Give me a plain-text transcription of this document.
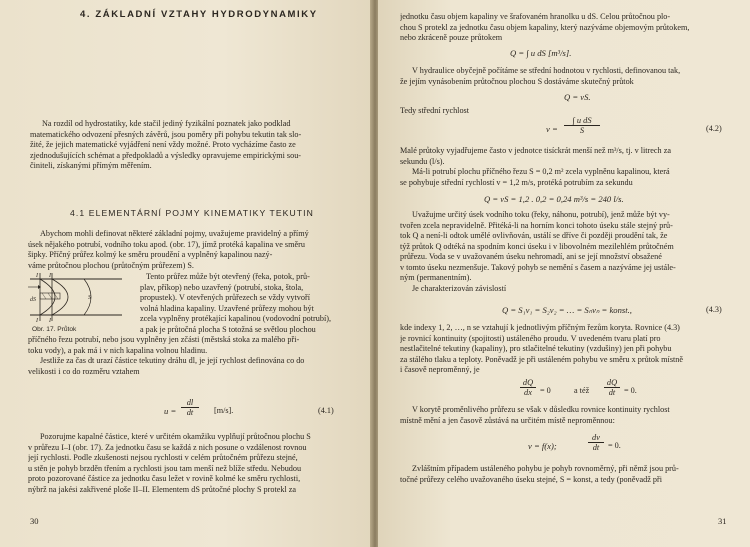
4. ZÁKLADNÍ VZTAHY HYDRODYNAMIKY
Na rozdíl od hydrostatiky, kde stačil jediný fyzikální poznatek jako podklad
matematického odvození přesných závěrů, jsou poměry při pohybu tekutin tak slo-
žité, že jejich matematické vyjádření není vždy možné. Proto vycházíme často ze
zjednodušujících schémat a předpokladů a výsledky opravujeme empirickými sou-
činiteli, získanými přímým měřením.
4.1 ELEMENTÁRNÍ POJMY KINEMATIKY TEKUTIN
Abychom mohli definovat některé základní pojmy, uvažujeme pravidelný a přímý
úsek nějakého potrubí, vodního toku apod. (obr. 17), jímž protéká kapalina ve směru
šipky. Příčný průřez kolmý ke směru proudění a vyplněný kapalinou nazý-
váme průtočnou plochou (průtočným průřezem) S.
I I
dS	S
I I
Obr. 17. Průtok
Tento průřez může být otevřený (řeka, potok, prů-
plav, příkop) nebo uzavřený (potrubí, stoka, štola,
propustek). V otevřených průřezech se vždy vytvoří
volná hladina kapaliny. Uzavřené průřezy mohou být
zcela vyplněny protékající kapalinou (vodovodní potrubí),
a pak je průtočná plocha S totožná se světlou plochou
příčného řezu potrubí, nebo jsou vyplněny jen zčásti (městská stoka za malého při-
toku vody), a pak má i v nich kapalina volnou hladinu.
Jestliže za čas dt urazí částice tekutiny dráhu dl, je její rychlost definována co do
velikosti i co do rozměru vztahem
$u = \frac{dl}{dt} [m/s]$.	(4.1)
Pozorujme kapalné částice, které v určitém okamžiku vyplňují průtočnou plochu S
v průřezu I–I (obr. 17). Za jednotku času se každá z nich posune o vzdálenost rovnou
její rychlosti. Podle zkušenosti nejsou rychlosti v celém průtočném průřezu stejné,
u stěn je pohyb brzděn třením a rychlosti jsou tam menší než blíže středu. Nebudou
proto pozorované částice za jednotku času ležet v rovině kolmé ke směru rychlosti,
nýbrž na jakési zakřivené ploše II–II. Elementem dS průtočné plochy S protekl za
30
jednotku času objem kapaliny ve šrafovaném hranolku u dS. Celou průtočnou plo-
chou S protekl za jednotku času objem kapaliny, který nazýváme objemovým průtokem,
nebo zkráceně pouze průtokem
Q = ∫ u dS [m³/s].
V hydraulice obyčejně počítáme se střední hodnotou v rychlosti, definovanou tak,
že jejím vynásobením průtočnou plochou S dostáváme skutečný průtok
Q = vS.
Tedy střední rychlost
$v = \frac{\text{∫ u dS}}{S}$	(4.2)
Malé průtoky vyjadřujeme často v jednotce tisíckrát menší než m³/s, tj. v litrech za
sekundu (l/s).
Má-li potrubí plochu příčného řezu S = 0,2 m² zcela vyplněnu kapalinou, která
se pohybuje střední rychlostí v = 1,2 m/s, protéká potrubím za sekundu
Q = vS = 1,2 . 0,2 = 0,24 m³/s = 240 l/s.
Uvažujme určitý úsek vodního toku (řeky, náhonu, potrubí), jenž může být vy-
tvořen zcela nepravidelně. Přitéká-li na horním konci tohoto úseku stále stejný prů-
tok Q a není-li odtok umělé ovlivňován, ustálí se dříve či později proudění tak, že
týž průtok Q odtéká na spodním konci úseku i v libovolném mezilehlém průtočném
průřezu. Voda se v uvažovaném úseku nehromadí, ani se její množství obsažené
v tomto úseku nezmenšuje. Takový pohyb se nemění s časem a nazýváme jej ustále-
ným (permanentním).
Je charakterizován závislostí
Q = S₁v₁ = S₂v₂ = … = Sₙvₙ = konst.,	(4.3)
kde indexy 1, 2, …, n se vztahují k jednotlivým příčným řezům koryta. Rovnice (4.3)
je rovnicí kontinuity (spojitosti) ustáleného proudu. V uvedeném tvaru platí pro
nestlačitelné tekutiny (kapaliny), pro stlačitelné tekutiny (vzdušiny) jen při pohybu
za stálého tlaku a teploty. Poněvadž je při ustáleném pohybu ve směru x průtok místně
i časově neproměnný, je
$\frac{dQ}{dx} = 0$	a též $\frac{dQ}{dt} = 0$.
V korytě proměnlivého průřezu se však v důsledku rovnice kontinuity rychlost
místně mění a jen časově zůstává na určitém místě neproměnnou:
v = f(x);	$\frac{dv}{dt} = 0$.
Zvláštním případem ustáleného pohybu je pohyb rovnoměrný, při němž jsou prů-
točné průřezy celého uvažovaného úseku stejné, S = konst, a tedy (poněvadž při
31
